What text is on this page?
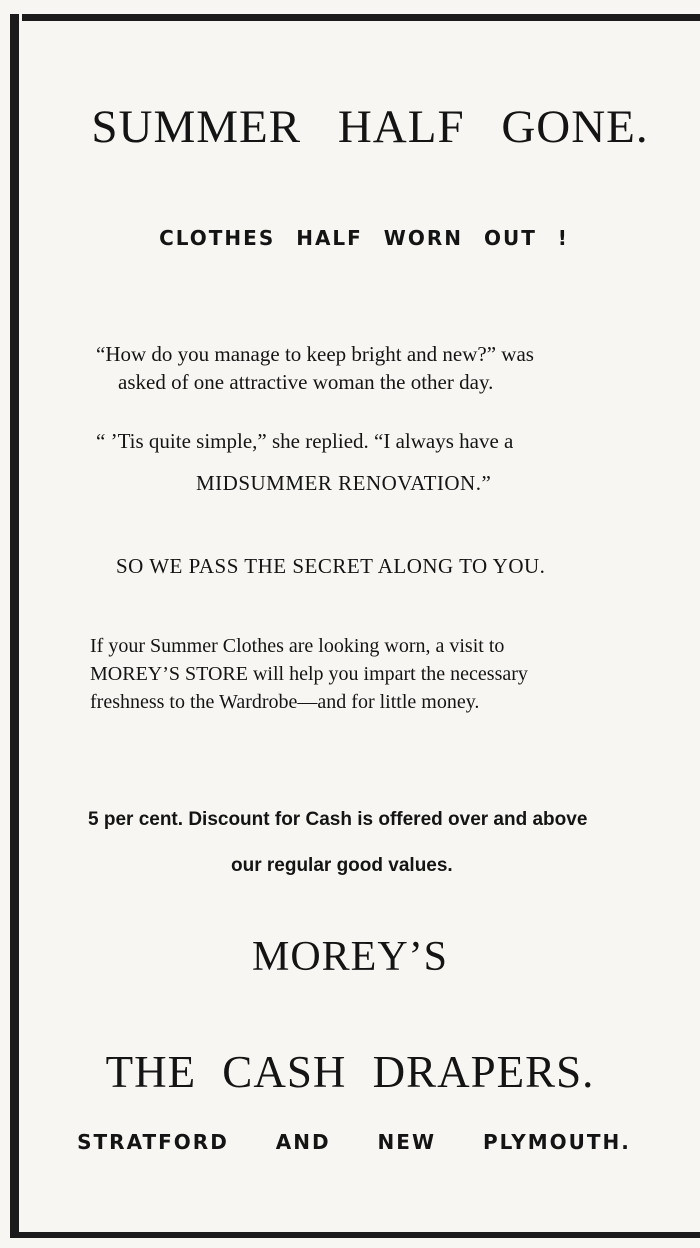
SUMMER HALF GONE.
CLOTHES HALF WORN OUT !

“How do you manage to keep bright and new?” was
asked of one attractive woman the other day.

“ ’Tis quite simple,” she replied. “I always have a
MIDSUMMER RENOVATION.”

SO WE PASS THE SECRET ALONG TO YOU.

If your Summer Clothes are looking worn, a visit to
MOREY’S STORE will help you impart the necessary
freshness to the Wardrobe—and for little money.

5 per cent. Discount for Cash is offered over and above
our regular good values.

MOREY’S
THE CASH DRAPERS.
STRATFORD AND NEW PLYMOUTH.
